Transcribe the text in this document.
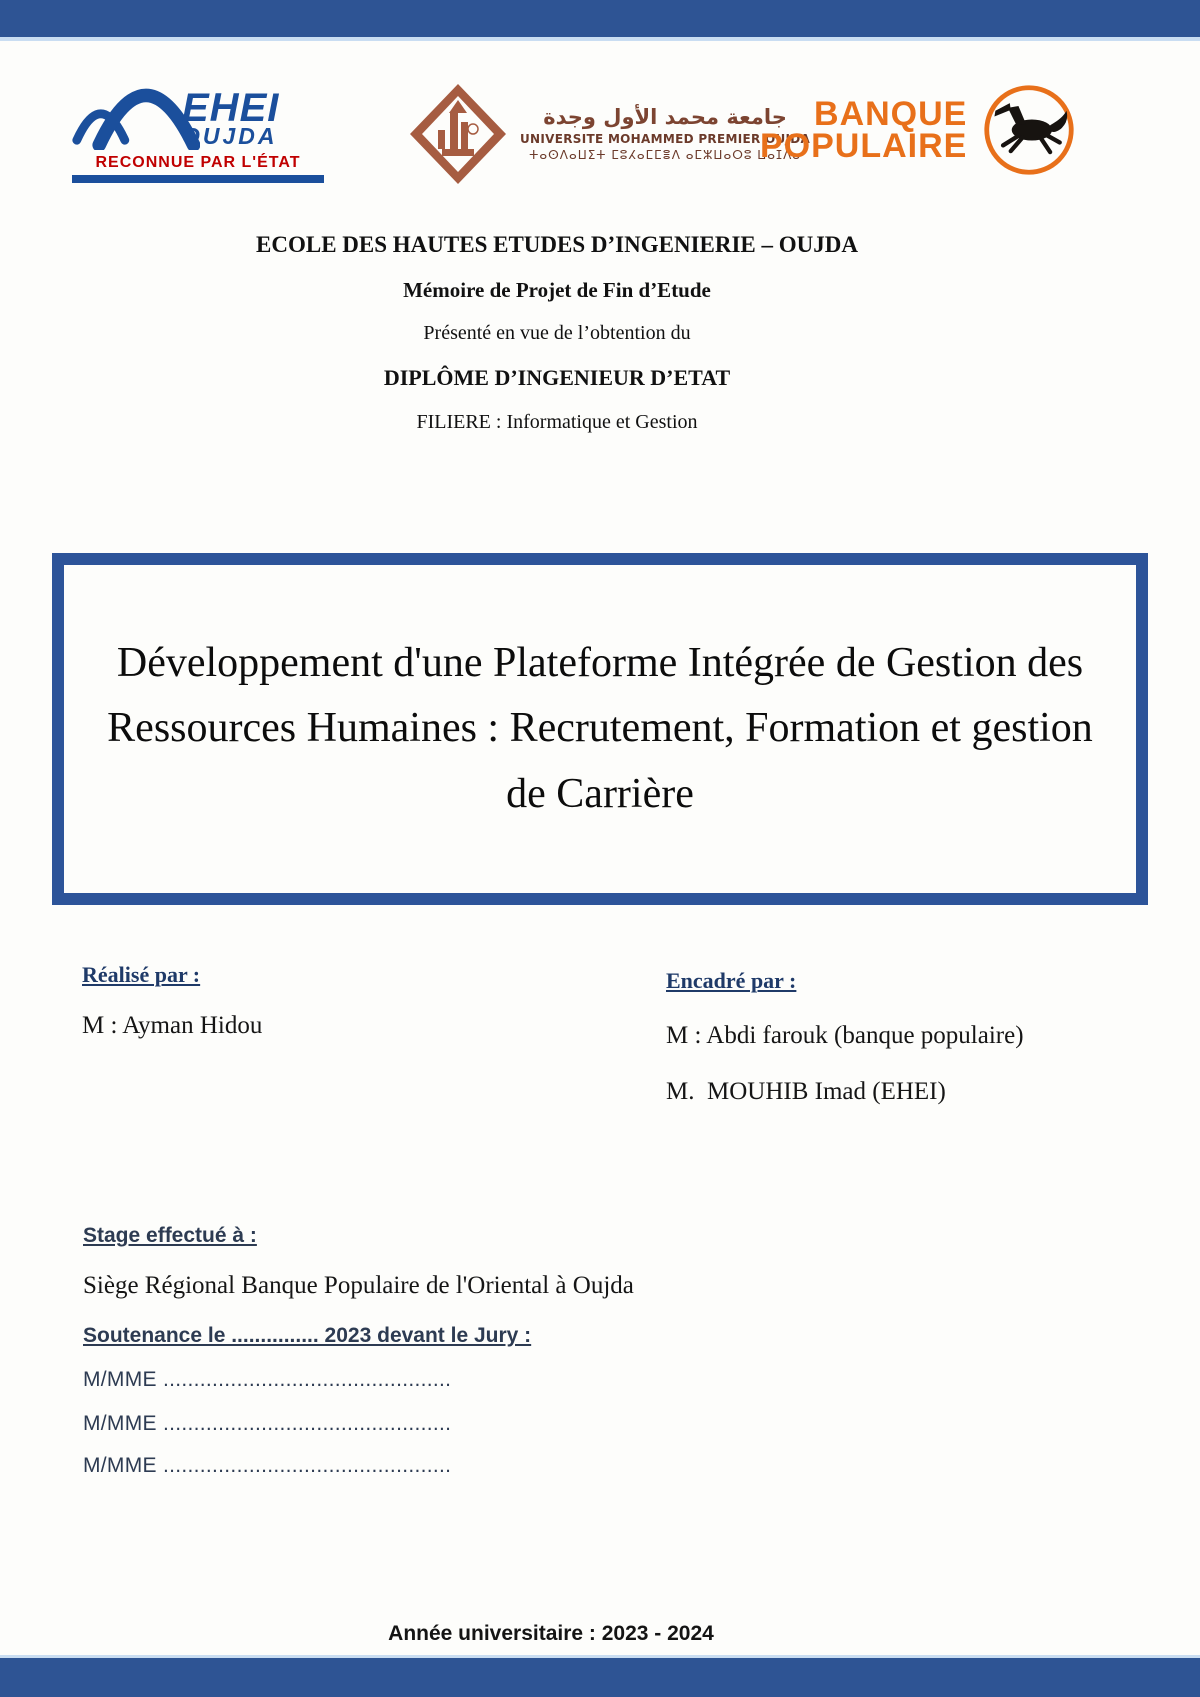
EHEI
OUJDA
RECONNUE PAR L'ÉTAT
جامعة محمد الأول وجدة
UNIVERSITE MOHAMMED PREMIER OUJDA
ⵜⴰⵙⴷⴰⵡⵉⵜ ⵎⵓⵃⴰⵎⵎⴻⴷ ⴰⵎⵣⵡⴰⵔⵓ ⵡⴰⵊⴷⴰ
BANQUE
POPULAIRE
ECOLE DES HAUTES ETUDES D’INGENIERIE – OUJDA
Mémoire de Projet de Fin d’Etude
Présenté en vue de l’obtention du
DIPLÔME D’INGENIEUR D’ETAT
FILIERE : Informatique et Gestion
Développement d'une Plateforme Intégrée de Gestion des Ressources Humaines : Recrutement, Formation et gestion de Carrière
Réalisé par :
M : Ayman Hidou
Encadré par :
M : Abdi farouk (banque populaire)
M.  MOUHIB Imad (EHEI)
Stage effectué à :
Siège Régional Banque Populaire de l'Oriental à Oujda
Soutenance le ............... 2023 devant le Jury :
M/MME ...............................................
M/MME ...............................................
M/MME ...............................................
Année universitaire : 2023 - 2024
